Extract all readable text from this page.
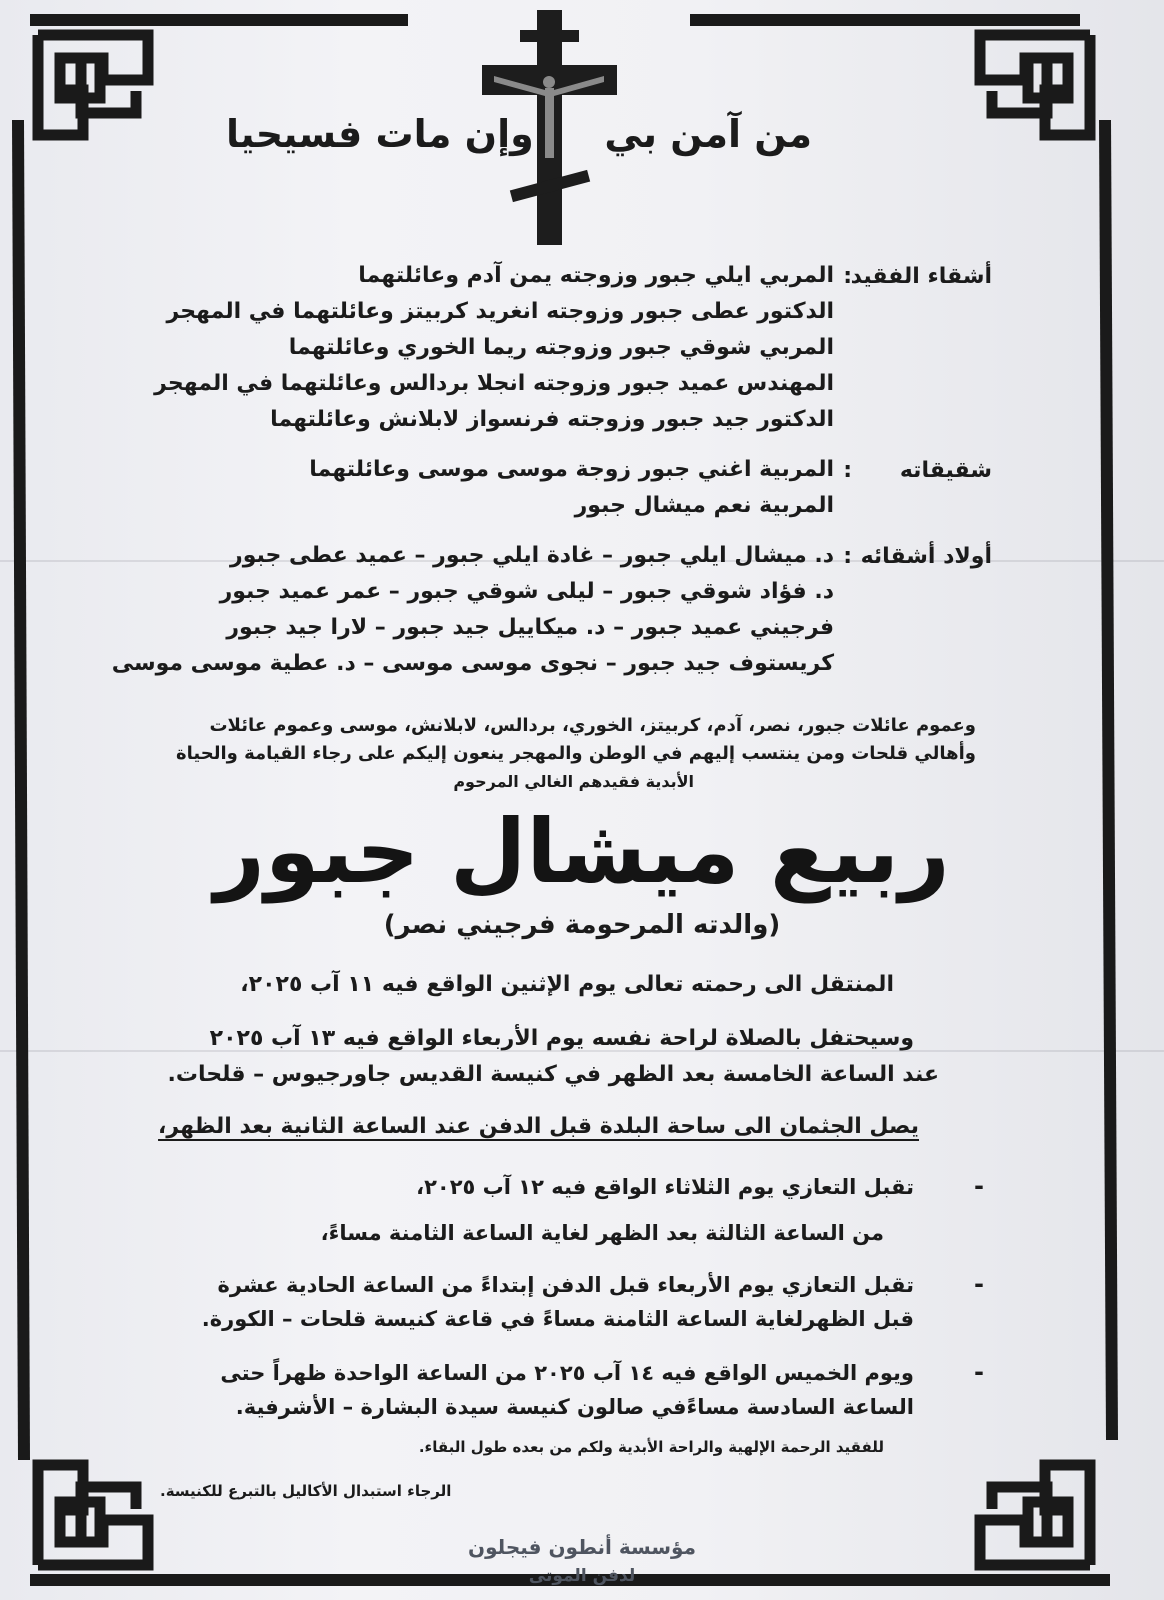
من آمن بي
وإن مات فسيحيا
أشقاء الفقيد
:
المربي ايلي جبور وزوجته يمن آدم وعائلتهما
الدكتور عطى جبور وزوجته انغريد كربيتز وعائلتهما في المهجر
المربي شوقي جبور وزوجته ريما الخوري وعائلتهما
المهندس عميد جبور وزوجته انجلا بردالس وعائلتهما في المهجر
الدكتور جيد جبور وزوجته فرنسواز لابلانش وعائلتهما
شقيقاته
:
المربية اغني جبور زوجة موسى موسى وعائلتهما
المربية نعم ميشال جبور
أولاد أشقائه
:
د. ميشال ايلي جبور – غادة ايلي جبور – عميد عطى جبور
د. فؤاد شوقي جبور – ليلى شوقي جبور – عمر عميد جبور
فرجيني عميد جبور – د. ميكاييل جيد جبور – لارا جيد جبور
كريستوف جيد جبور – نجوى موسى موسى – د. عطية موسى موسى
وعموم عائلات جبور، نصر، آدم، كربيتز، الخوري، بردالس، لابلانش، موسى وعموم عائلات
وأهالي قلحات ومن ينتسب إليهم في الوطن والمهجر ينعون إليكم على رجاء القيامة والحياة
الأبدية فقيدهم الغالي المرحوم
ربيع ميشال جبور
(والدته المرحومة فرجيني نصر)
المنتقل الى رحمته تعالى يوم الإثنين الواقع فيه ١١ آب ٢٠٢٥،
وسيحتفل بالصلاة لراحة نفسه يوم الأربعاء الواقع فيه ١٣ آب ٢٠٢٥
عند الساعة الخامسة بعد الظهر في كنيسة القديس جاورجيوس – قلحات.
يصل الجثمان الى ساحة البلدة قبل الدفن عند الساعة الثانية بعد الظهر،
-
تقبل التعازي يوم الثلاثاء الواقع فيه ١٢ آب ٢٠٢٥،
من الساعة الثالثة بعد الظهر لغاية الساعة الثامنة مساءً،
-
تقبل التعازي يوم الأربعاء قبل الدفن إبتداءً من الساعة الحادية عشرة قبل الظهرلغاية الساعة الثامنة مساءً في قاعة كنيسة قلحات – الكورة.
-
ويوم الخميس الواقع فيه ١٤ آب ٢٠٢٥ من الساعة الواحدة ظهراً حتى الساعة السادسة مساءًفي صالون كنيسة سيدة البشارة – الأشرفية.
للفقيد الرحمة الإلهية والراحة الأبدية ولكم من بعده طول البقاء.
الرجاء استبدال الأكاليل بالتبرع للكنيسة.
مؤسسة أنطون فيجلون
لدفن الموتى
